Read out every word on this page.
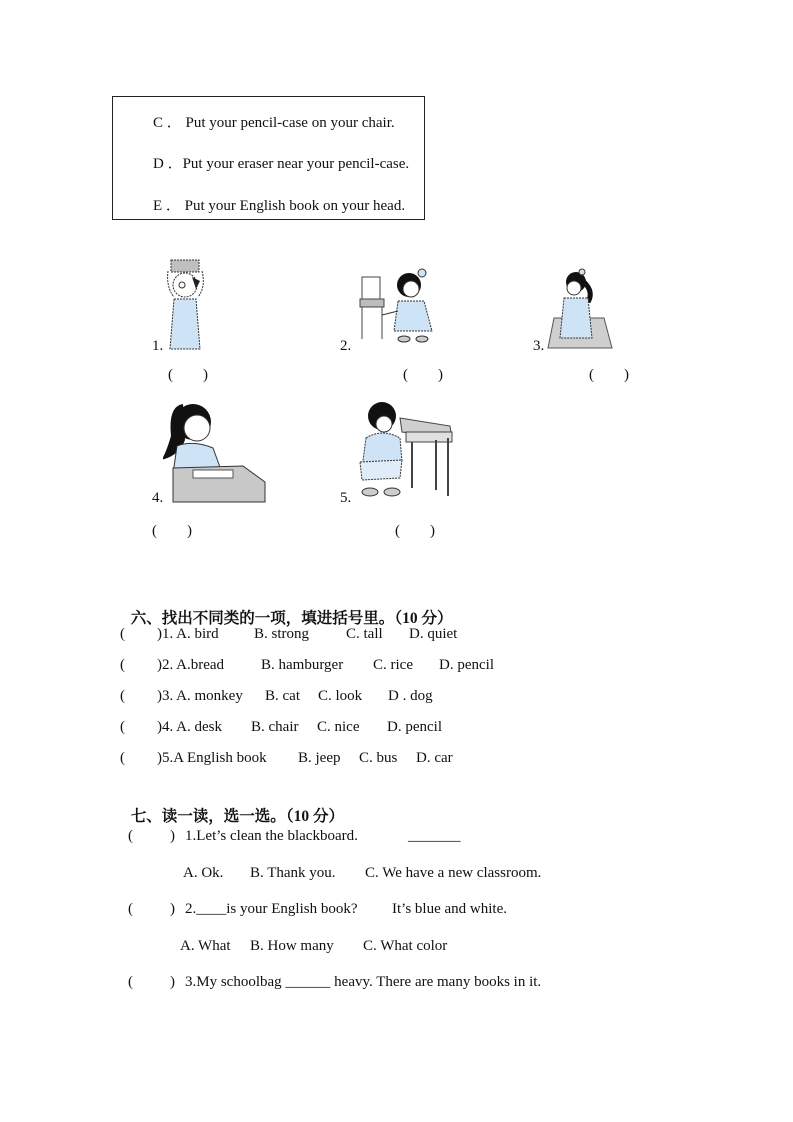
C ． Put your pencil-case on your chair.
D ．Put your eraser near your pencil-case.
E ． Put your English book on your head.
1.
(        )
2.
(        )
3.
(        )
4.
(        )
5.
(        )

六、找出不同类的一项，填进括号里。（10 分）

(

)1. A. bird

B. strong

C. tall

D. quiet

(

)2. A.bread

B. hamburger

C. rice

D. pencil

(

)3. A. monkey

B. cat

C. look

D . dog

(

)4. A. desk

B. chair

C. nice

D. pencil

(

)5.A English book

B. jeep

C. bus

D. car

七、读一读，选一选。（10 分）

(

)

1.Let’s clean the blackboard.

	_______

A. Ok.

B. Thank you.

C. We have a new classroom.

(

)

2.____is your English book?

It’s blue and white.

A. What

B. How many

C. What color

(

)

3.My schoolbag ______ heavy. There are many books in it.
